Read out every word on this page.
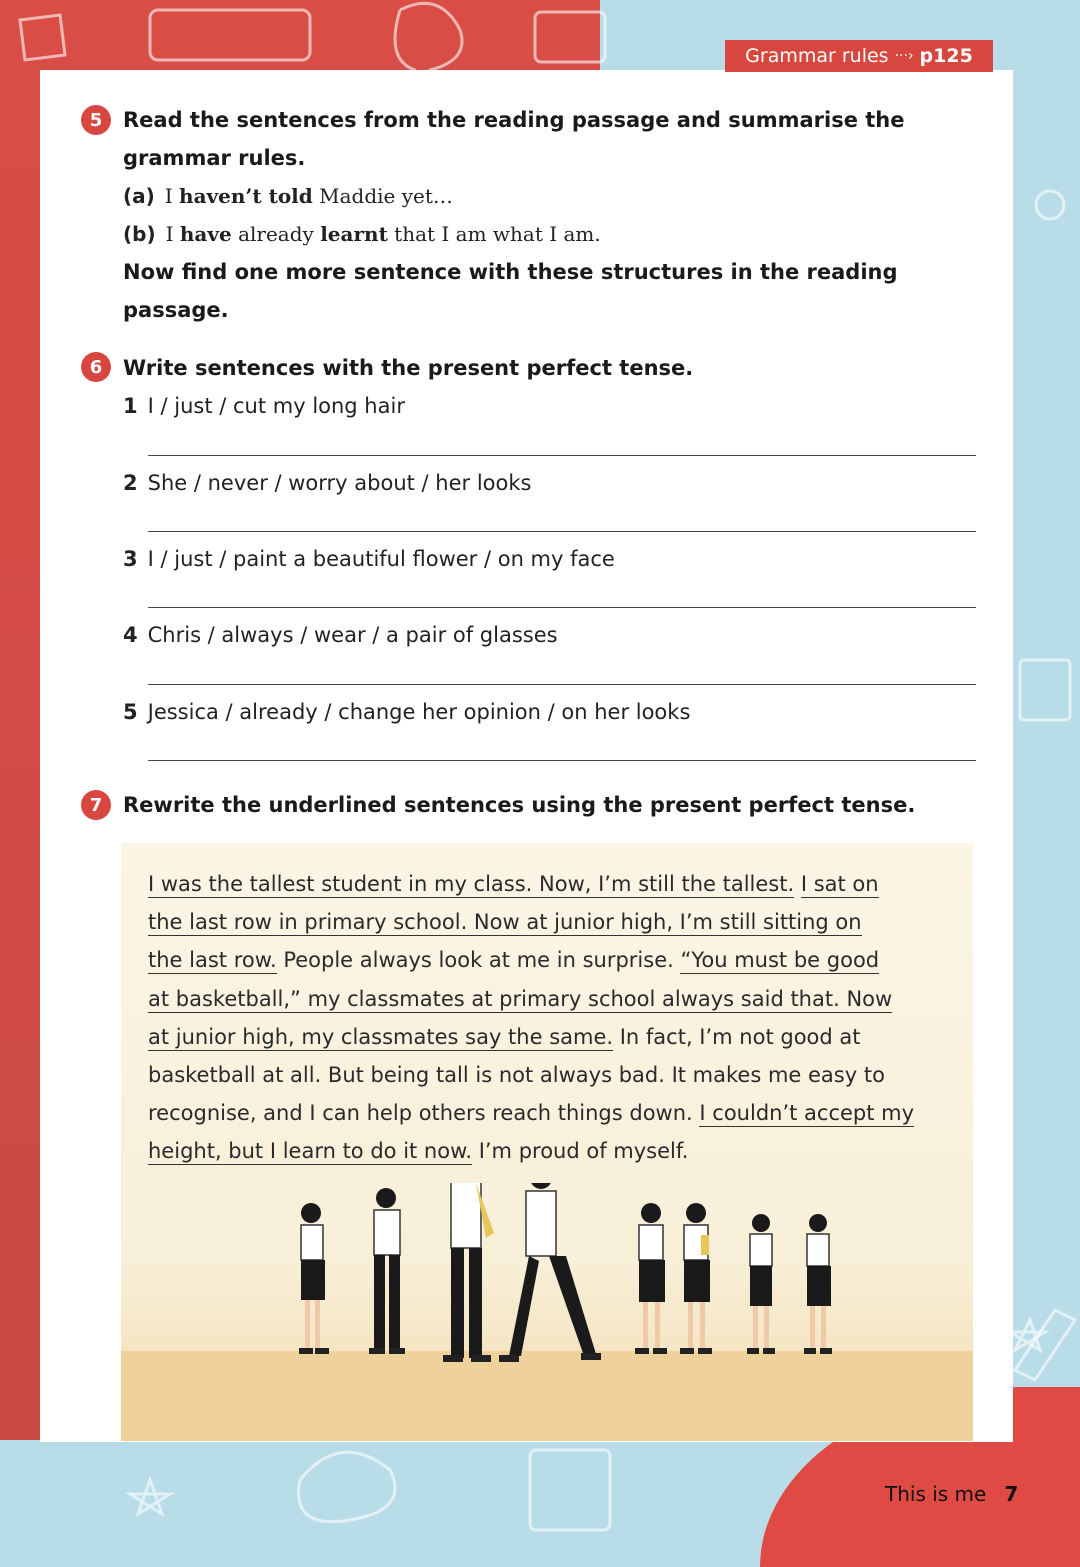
Grammar rules ···› p125
5 Read the sentences from the reading passage and summarise the
grammar rules.
(a) I haven’t told Maddie yet…
(b) I have already learnt that I am what I am.
Now find one more sentence with these structures in the reading
passage.
6 Write sentences with the present perfect tense.
1 I / just / cut my long hair
2 She / never / worry about / her looks
3 I / just / paint a beautiful flower / on my face
4 Chris / always / wear / a pair of glasses
5 Jessica / already / change her opinion / on her looks
7 Rewrite the underlined sentences using the present perfect tense.
I was the tallest student in my class. Now, I’m still the tallest. I sat on
the last row in primary school. Now at junior high, I’m still sitting on
the last row. People always look at me in surprise. “You must be good
at basketball,” my classmates at primary school always said that. Now
at junior high, my classmates say the same. In fact, I’m not good at
basketball at all. But being tall is not always bad. It makes me easy to
recognise, and I can help others reach things down. I couldn’t accept my
height, but I learn to do it now. I’m proud of myself.
This is me 7
